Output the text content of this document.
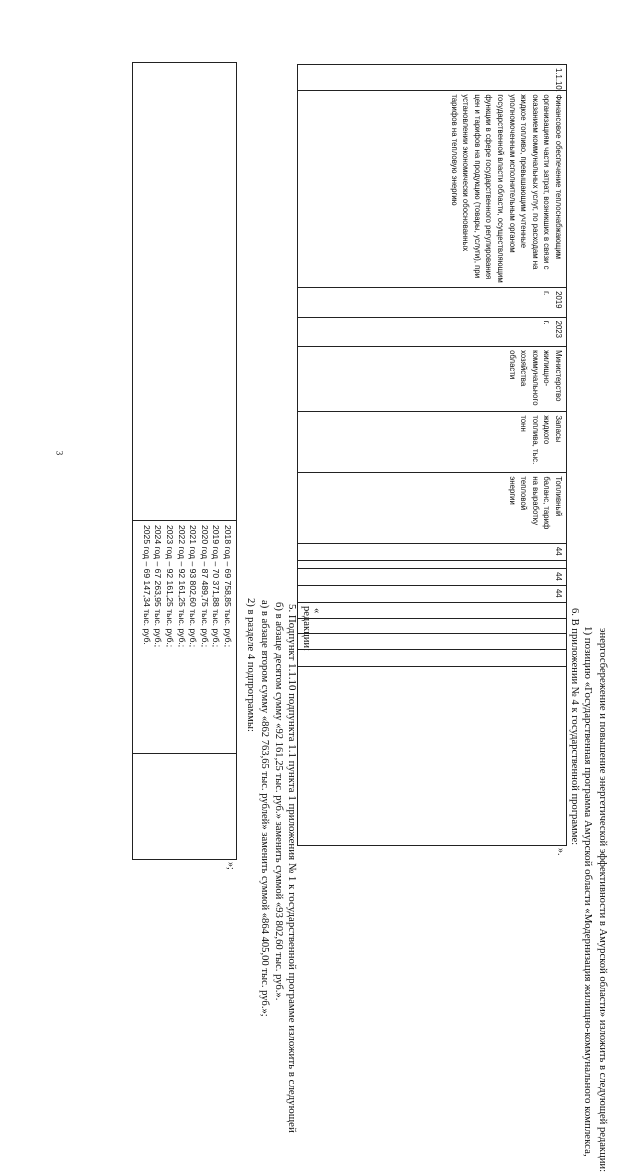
3
2018 год – 69 758,85 тыс. руб.;
2019 год – 70 371,88 тыс. руб.;
2020 год – 87 489,75 тыс. руб.;
2021 год – 93 802,60 тыс. руб.;
2022 год – 92 161,25 тыс. руб.;
2023 год – 92 161,25 тыс. руб.;
2024 год – 67 263,95 тыс. руб.;
2025 год – 69 147,34 тыс. руб.
»;
2) в разделе 4 подпрограммы: а) в абзаце втором сумму «862 763,65 тыс. рублей» заменить суммой «864 405,00 тыс. руб.»; б) в абзаце десятом сумму «92 161,25 тыс. руб.» заменить суммой «93 802,60 тыс. руб.». 5. Подпункт 1.1.10 подпункта 1.1 пункта 1 приложения № 1 к государственной программе изложить в следующей редакции: «
1.1.10.	Финансовое обеспечение теплоснабжающим организациям части затрат, возникших в связи с оказанием коммунальных услуг, по расходам на жидкое топливо, превышающим учтенные уполномоченным исполнительным органом государственной власти области, осуществляющим функции в сфере государственного регулирования цен и тарифов на продукцию (товары, услуги), при установлении экономически обоснованных тарифов на тепловую энергию	2019 г.	2023 г.	Министерство жилищно-коммунального хозяйства области	Запасы жидкого топлива, тыс. тонн	Топливный баланс, тариф на выработку тепловой энергии	44		44	44					
».
6. В приложении № 4 к государственной программе: 1) позицию «Государственная программа Амурской области «Модернизация жилищно-коммунального комплекса, энергосбережение и повышение энергетической эффективности в Амурской области» изложить в следующей редакции:
